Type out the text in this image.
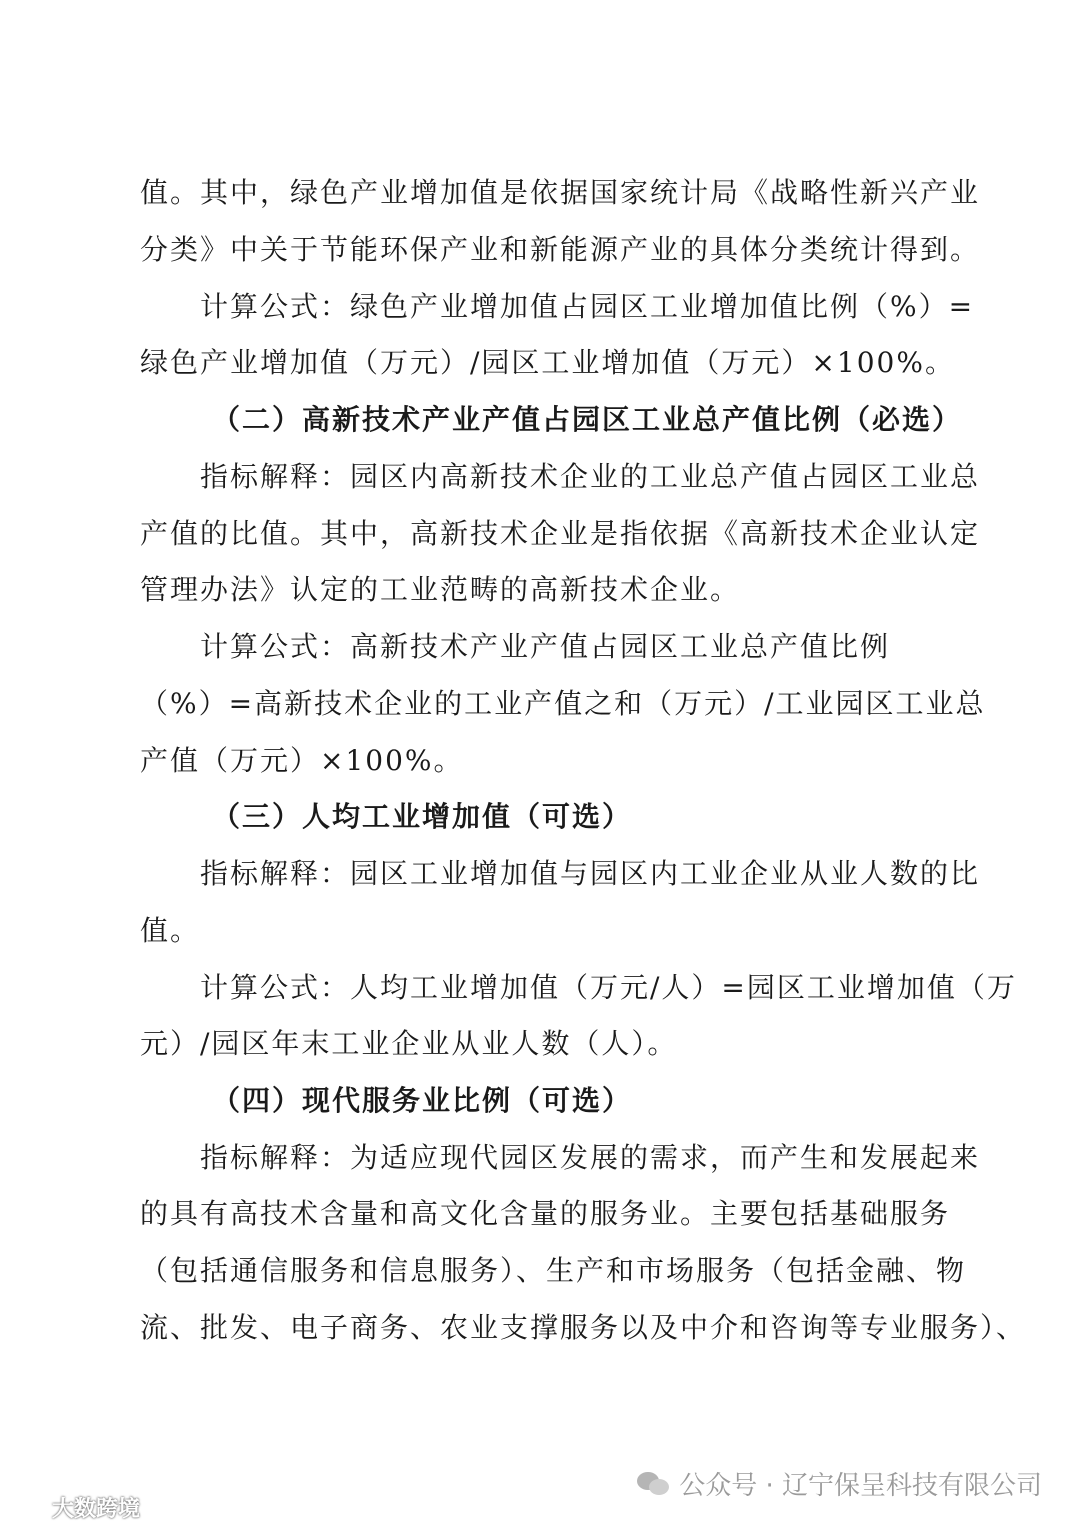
值。其中，绿色产业增加值是依据国家统计局《战略性新兴产业
分类》中关于节能环保产业和新能源产业的具体分类统计得到。
计算公式：绿色产业增加值占园区工业增加值比例（%）=
绿色产业增加值（万元）/园区工业增加值（万元）×100%。
（二）高新技术产业产值占园区工业总产值比例（必选）
指标解释：园区内高新技术企业的工业总产值占园区工业总
产值的比值。其中，高新技术企业是指依据《高新技术企业认定
管理办法》认定的工业范畴的高新技术企业。
计算公式：高新技术产业产值占园区工业总产值比例
（%）=高新技术企业的工业产值之和（万元）/工业园区工业总
产值（万元）×100%。
（三）人均工业增加值（可选）
指标解释：园区工业增加值与园区内工业企业从业人数的比
值。
计算公式：人均工业增加值（万元/人）=园区工业增加值（万
元）/园区年末工业企业从业人数（人）。
（四）现代服务业比例（可选）
指标解释：为适应现代园区发展的需求，而产生和发展起来
的具有高技术含量和高文化含量的服务业。主要包括基础服务
（包括通信服务和信息服务）、生产和市场服务（包括金融、物
流、批发、电子商务、农业支撑服务以及中介和咨询等专业服务）、
公众号 · 辽宁保呈科技有限公司
大数跨境
